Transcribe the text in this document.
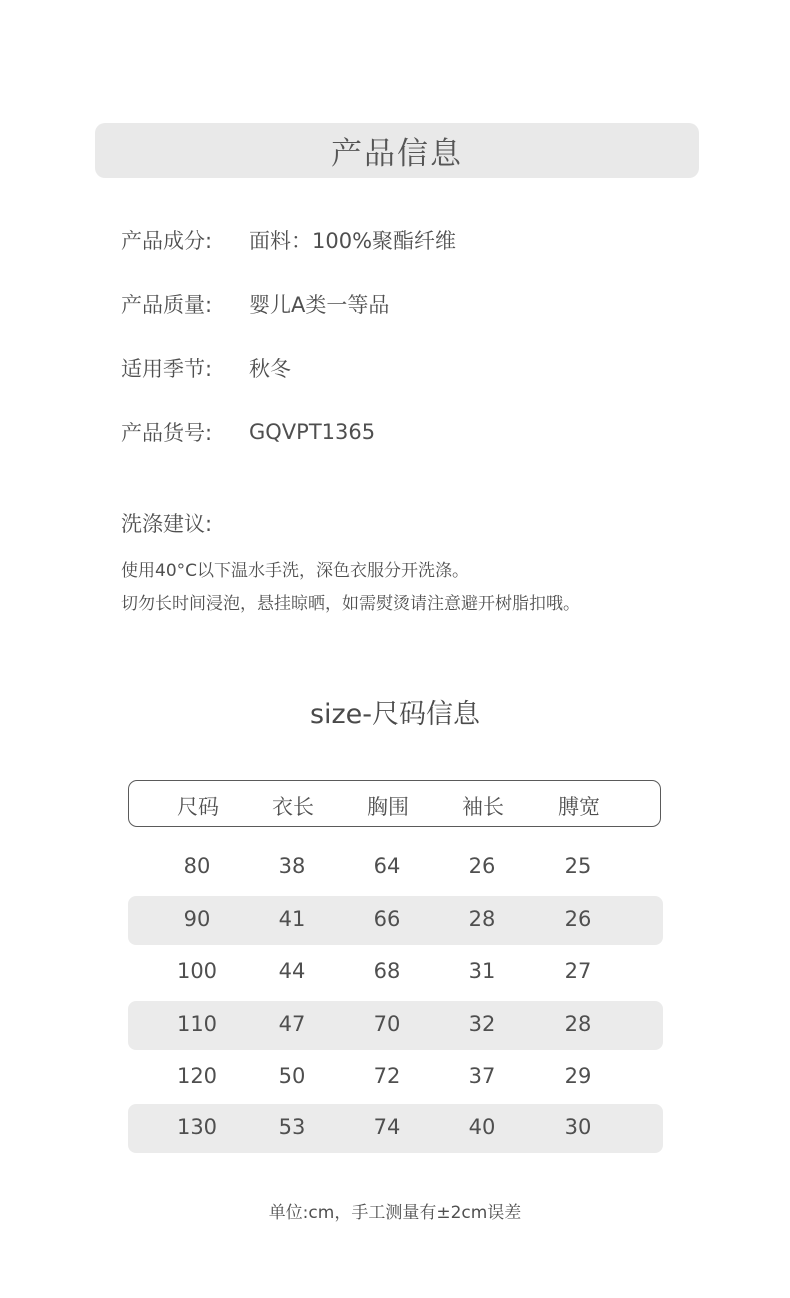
产品信息
产品成分:	面料：100%聚酯纤维
产品质量:	婴儿A类一等品
适用季节:	秋冬
产品货号:	GQVPT1365
洗涤建议:
使用40°C以下温水手洗，深色衣服分开洗涤。
切勿长时间浸泡，悬挂晾晒，如需熨烫请注意避开树脂扣哦。
size-尺码信息
尺码	衣长	胸围	袖长	膊宽
80	38	64	26	25
90	41	66	28	26
100	44	68	31	27
110	47	70	32	28
120	50	72	37	29
130	53	74	40	30
单位:cm，手工测量有±2cm误差
